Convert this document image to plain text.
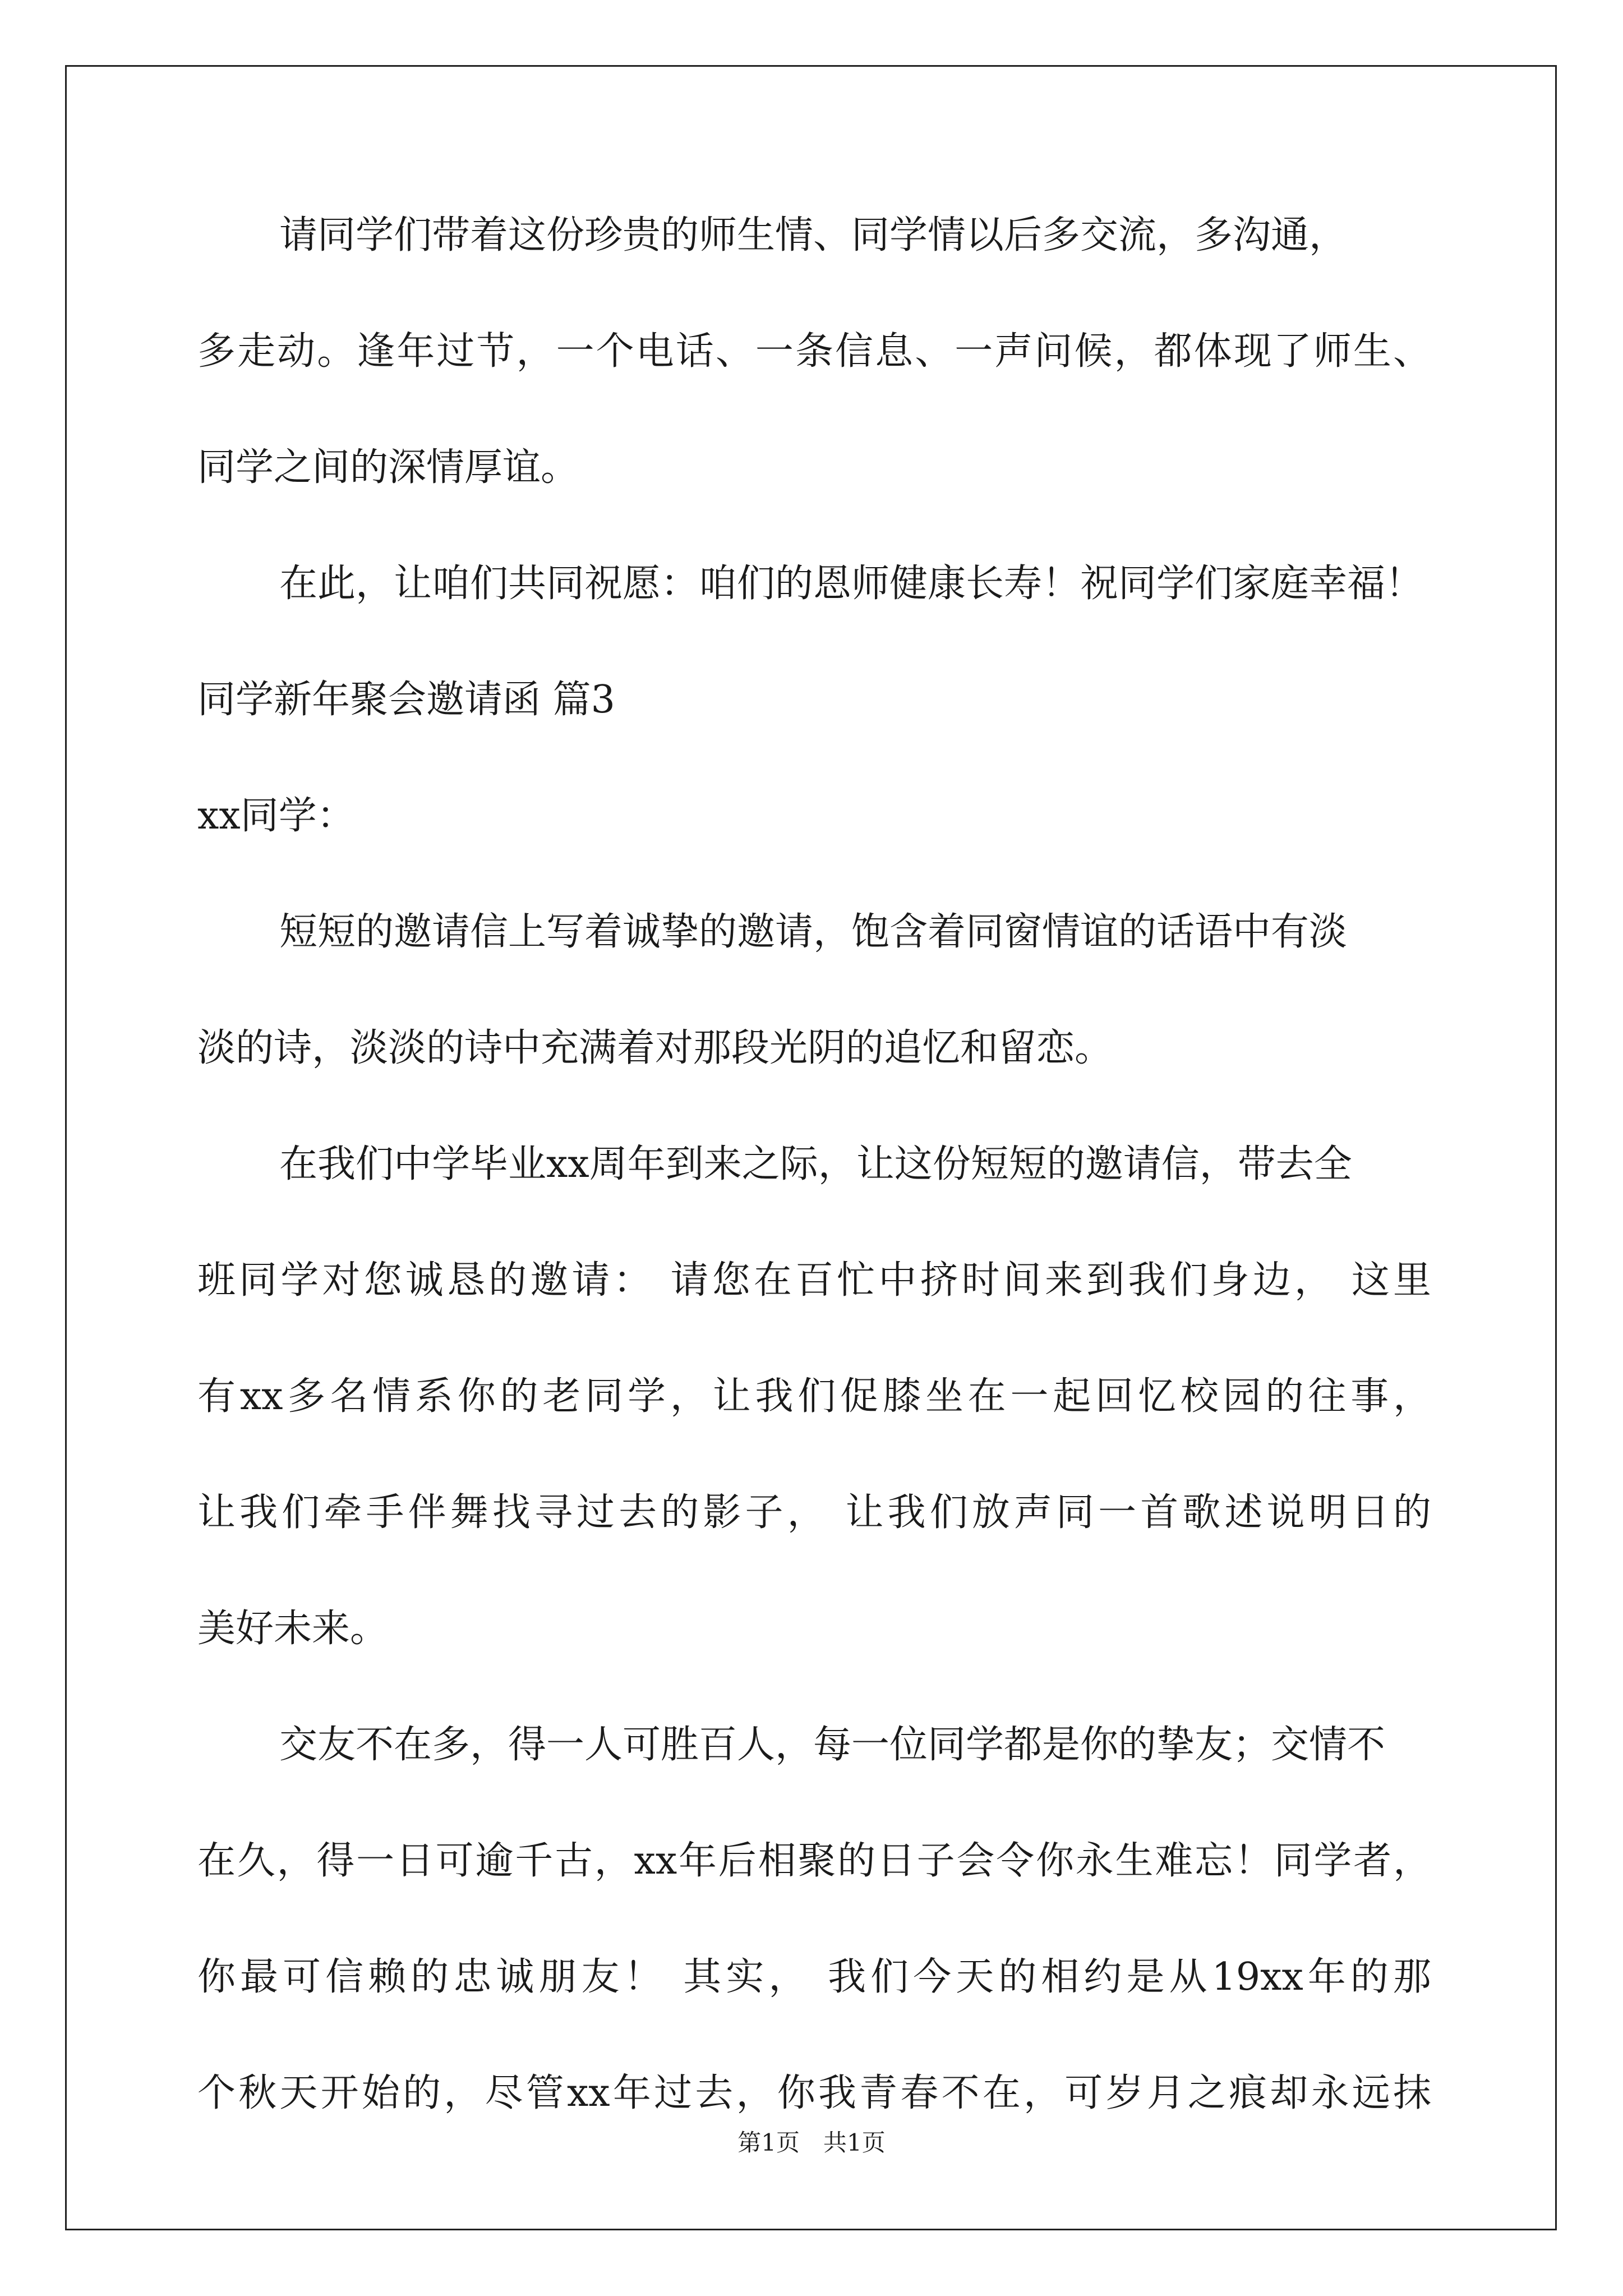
请同学们带着这份珍贵的师生情、同学情以后多交流，多沟通，
多走动。逢年过节，一个电话、一条信息、一声问候，都体现了师生、
同学之间的深情厚谊。
在此，让咱们共同祝愿：咱们的恩师健康长寿！祝同学们家庭幸福！
同学新年聚会邀请函 篇3
xx同学：
短短的邀请信上写着诚挚的邀请，饱含着同窗情谊的话语中有淡
淡的诗，淡淡的诗中充满着对那段光阴的追忆和留恋。
在我们中学毕业xx周年到来之际，让这份短短的邀请信，带去全
班同学对您诚恳的邀请： 请您在百忙中挤时间来到我们身边， 这里
有xx多名情系你的老同学，让我们促膝坐在一起回忆校园的往事，
让我们牵手伴舞找寻过去的影子， 让我们放声同一首歌述说明日的
美好未来。
交友不在多，得一人可胜百人，每一位同学都是你的挚友；交情不
在久，得一日可逾千古，xx年后相聚的日子会令你永生难忘！同学者，
你最可信赖的忠诚朋友！ 其实， 我们今天的相约是从19xx年的那
个秋天开始的，尽管xx年过去，你我青春不在，可岁月之痕却永远抹
第1页　共1页
